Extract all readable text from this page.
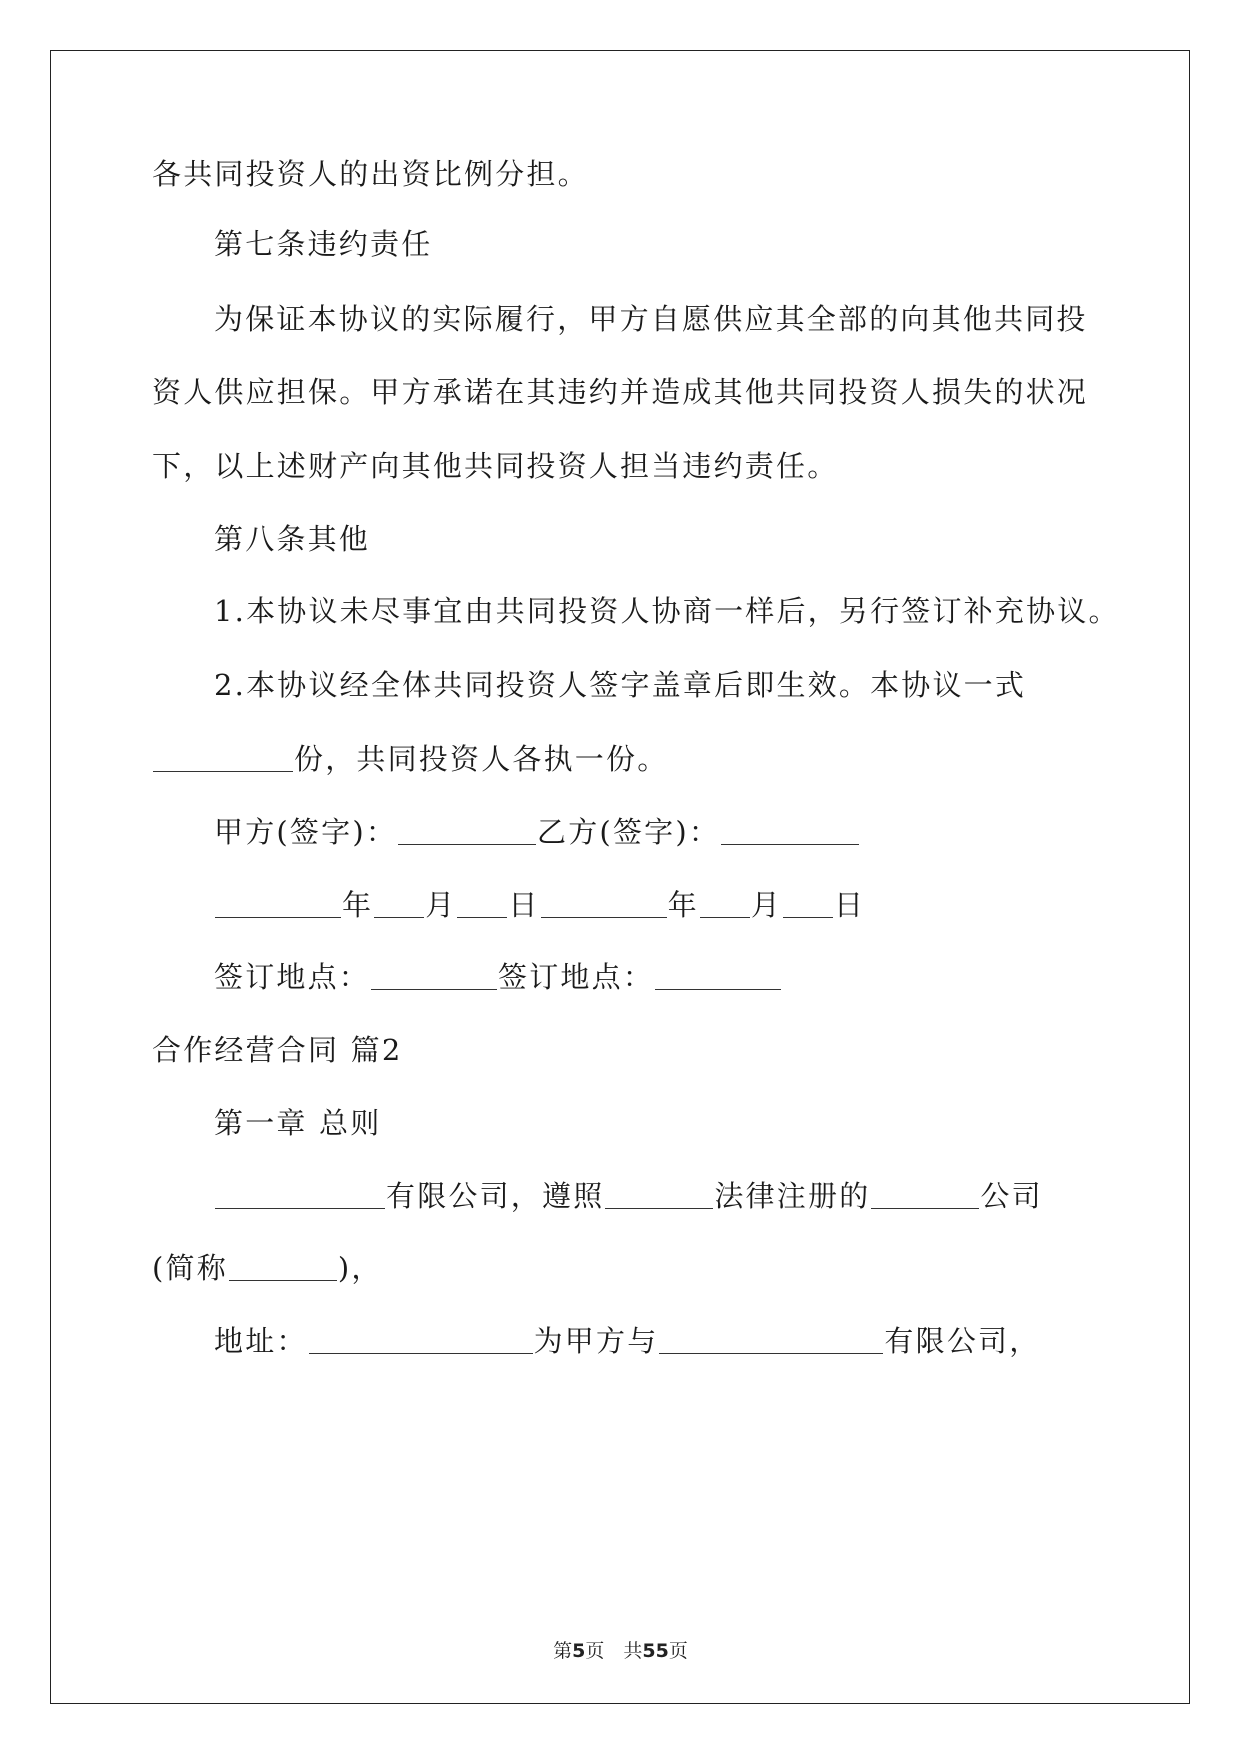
各共同投资人的出资比例分担。
第七条违约责任
为保证本协议的实际履行，甲方自愿供应其全部的向其他共同投
资人供应担保。甲方承诺在其违约并造成其他共同投资人损失的状况
下，以上述财产向其他共同投资人担当违约责任。
第八条其他
1.本协议未尽事宜由共同投资人协商一样后，另行签订补充协议。
2.本协议经全体共同投资人签字盖章后即生效。本协议一式
份，共同投资人各执一份。
甲方(签字)：	乙方(签字)：
年 月 日	年 月 日
签订地点：	签订地点：
合作经营合同 篇2
第一章 总则
有限公司，遵照	法律注册的	公司
(简称	)，
地址：	为甲方与	有限公司，
第5页　共55页
